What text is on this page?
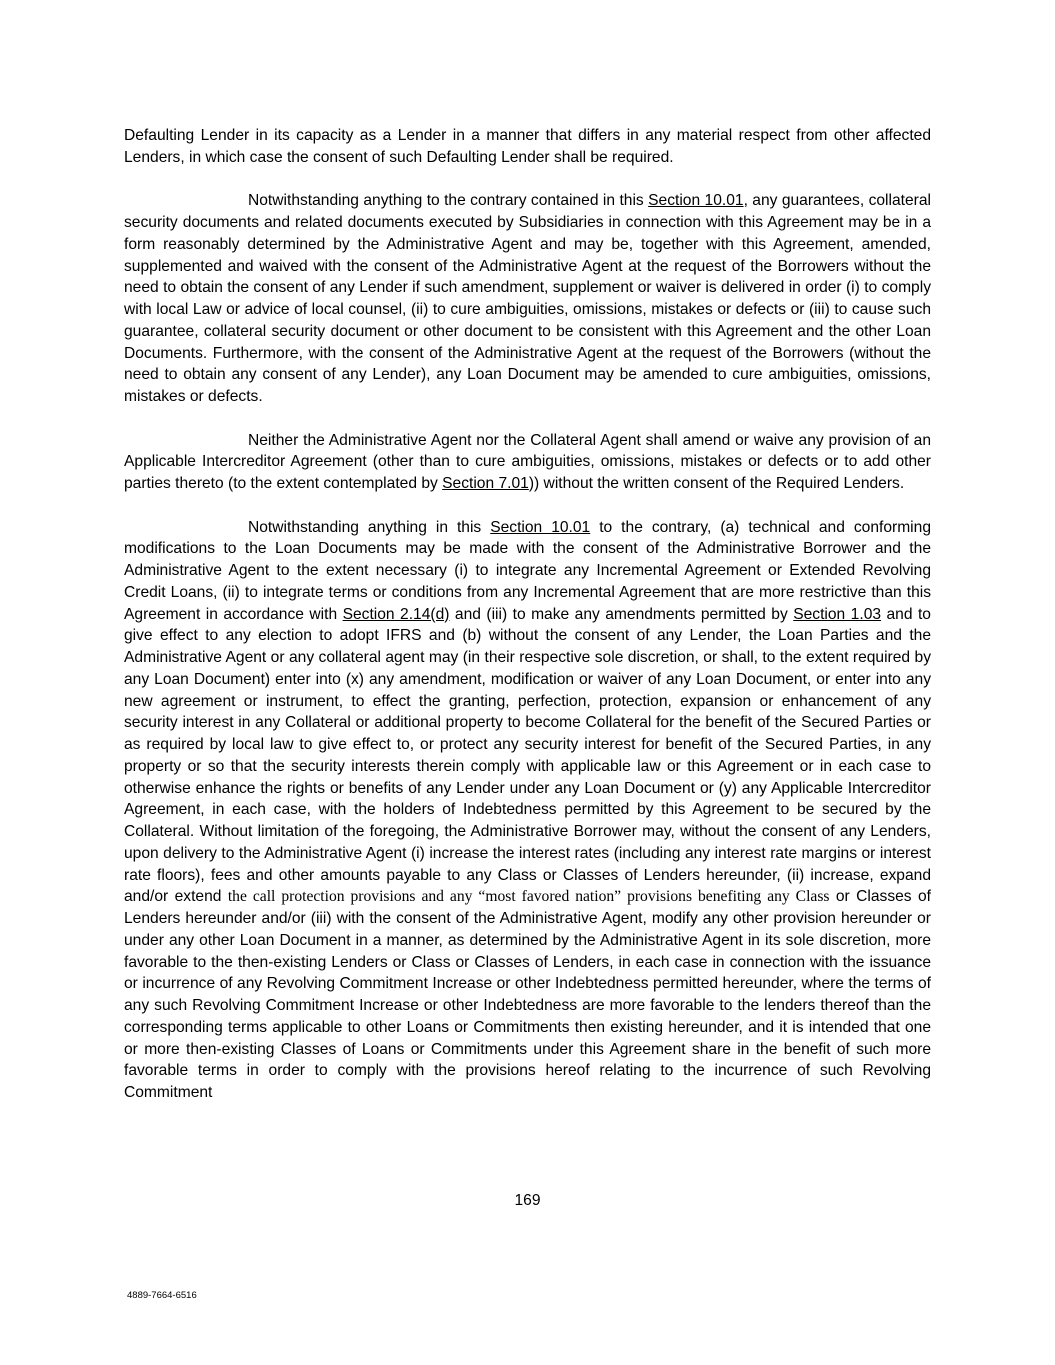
Defaulting Lender in its capacity as a Lender in a manner that differs in any material respect from other affected Lenders, in which case the consent of such Defaulting Lender shall be required.

Notwithstanding anything to the contrary contained in this Section 10.01, any guarantees, collateral security documents and related documents executed by Subsidiaries in connection with this Agreement may be in a form reasonably determined by the Administrative Agent and may be, together with this Agreement, amended, supplemented and waived with the consent of the Administrative Agent at the request of the Borrowers without the need to obtain the consent of any Lender if such amendment, supplement or waiver is delivered in order (i) to comply with local Law or advice of local counsel, (ii) to cure ambiguities, omissions, mistakes or defects or (iii) to cause such guarantee, collateral security document or other document to be consistent with this Agreement and the other Loan Documents. Furthermore, with the consent of the Administrative Agent at the request of the Borrowers (without the need to obtain any consent of any Lender), any Loan Document may be amended to cure ambiguities, omissions, mistakes or defects.

Neither the Administrative Agent nor the Collateral Agent shall amend or waive any provision of an Applicable Intercreditor Agreement (other than to cure ambiguities, omissions, mistakes or defects or to add other parties thereto (to the extent contemplated by Section 7.01)) without the written consent of the Required Lenders.

Notwithstanding anything in this Section 10.01 to the contrary, (a) technical and conforming modifications to the Loan Documents may be made with the consent of the Administrative Borrower and the Administrative Agent to the extent necessary (i) to integrate any Incremental Agreement or Extended Revolving Credit Loans, (ii) to integrate terms or conditions from any Incremental Agreement that are more restrictive than this Agreement in accordance with Section 2.14(d) and (iii) to make any amendments permitted by Section 1.03 and to give effect to any election to adopt IFRS and (b) without the consent of any Lender, the Loan Parties and the Administrative Agent or any collateral agent may (in their respective sole discretion, or shall, to the extent required by any Loan Document) enter into (x) any amendment, modification or waiver of any Loan Document, or enter into any new agreement or instrument, to effect the granting, perfection, protection, expansion or enhancement of any security interest in any Collateral or additional property to become Collateral for the benefit of the Secured Parties or as required by local law to give effect to, or protect any security interest for benefit of the Secured Parties, in any property or so that the security interests therein comply with applicable law or this Agreement or in each case to otherwise enhance the rights or benefits of any Lender under any Loan Document or (y) any Applicable Intercreditor Agreement, in each case, with the holders of Indebtedness permitted by this Agreement to be secured by the Collateral. Without limitation of the foregoing, the Administrative Borrower may, without the consent of any Lenders, upon delivery to the Administrative Agent (i) increase the interest rates (including any interest rate margins or interest rate floors), fees and other amounts payable to any Class or Classes of Lenders hereunder, (ii) increase, expand and/or extend the call protection provisions and any “most favored nation” provisions benefiting any Class or Classes of Lenders hereunder and/or (iii) with the consent of the Administrative Agent, modify any other provision hereunder or under any other Loan Document in a manner, as determined by the Administrative Agent in its sole discretion, more favorable to the then-existing Lenders or Class or Classes of Lenders, in each case in connection with the issuance or incurrence of any Revolving Commitment Increase or other Indebtedness permitted hereunder, where the terms of any such Revolving Commitment Increase or other Indebtedness are more favorable to the lenders thereof than the corresponding terms applicable to other Loans or Commitments then existing hereunder, and it is intended that one or more then-existing Classes of Loans or Commitments under this Agreement share in the benefit of such more favorable terms in order to comply with the provisions hereof relating to the incurrence of such Revolving Commitment

169
4889-7664-6516
